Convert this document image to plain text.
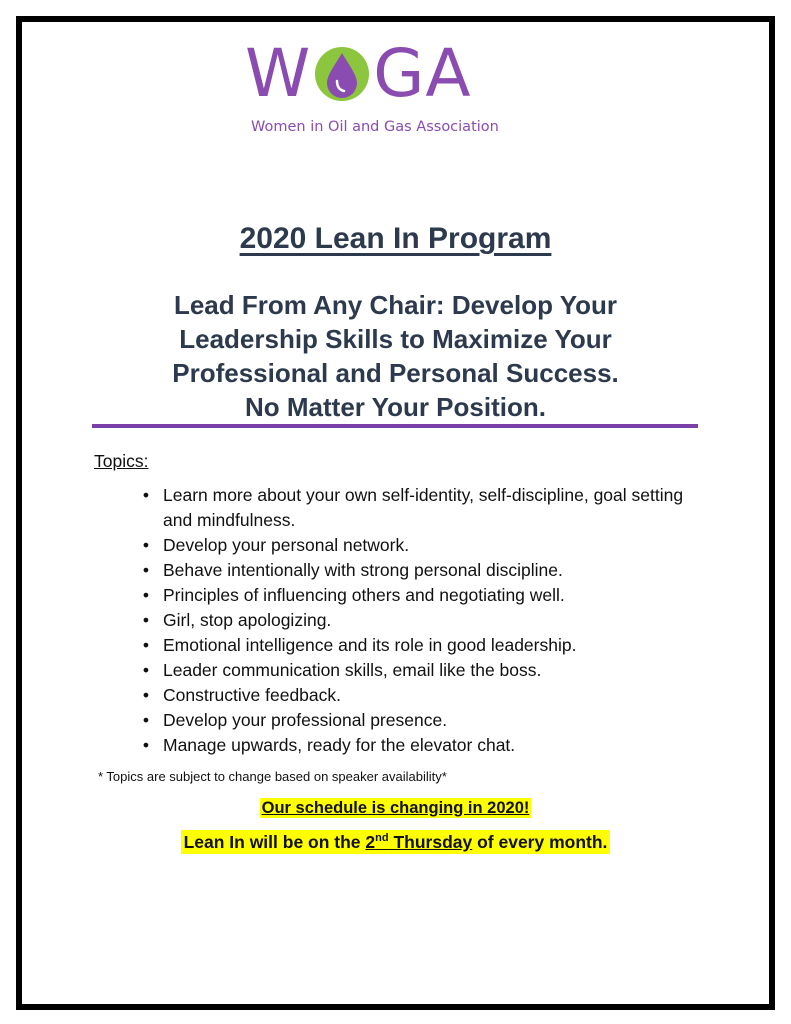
W GA
Women in Oil and Gas Association
2020 Lean In Program
Lead From Any Chair: Develop Your
Leadership Skills to Maximize Your
Professional and Personal Success.
No Matter Your Position.
Topics:
• Learn more about your own self-identity, self-discipline, goal setting and mindfulness.
• Develop your personal network.
• Behave intentionally with strong personal discipline.
• Principles of influencing others and negotiating well.
• Girl, stop apologizing.
• Emotional intelligence and its role in good leadership.
• Leader communication skills, email like the boss.
• Constructive feedback.
• Develop your professional presence.
• Manage upwards, ready for the elevator chat.
* Topics are subject to change based on speaker availability*
Our schedule is changing in 2020!
Lean In will be on the 2nd Thursday of every month.
